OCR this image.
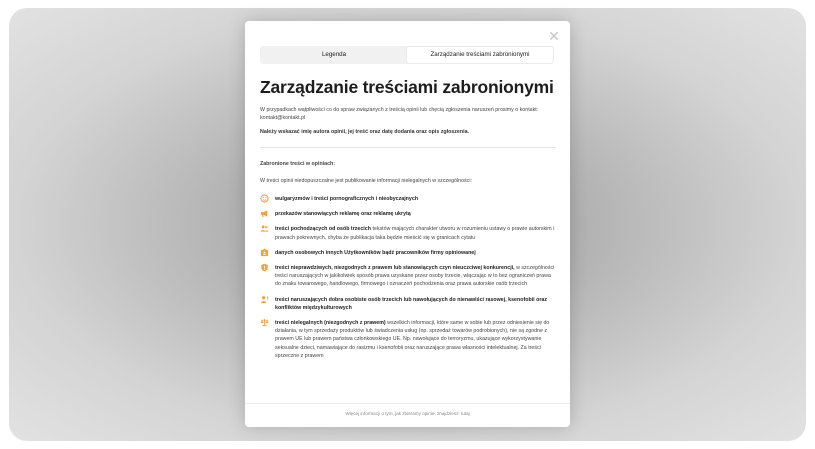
✕
Legenda	Zarządzanie treściami zabronionymi
Zarządzanie treściami zabronionymi

W przypadkach wątpliwości co do spraw związanych z treścią opinii lub chęcią zgłoszenia naruszeń prosimy o kontakt: kontakt@kontakt.pl

Należy wskazać imię autora opinii, jej treść oraz datę dodania oraz opis zgłoszenia.

Zabronione treści w opiniach:

W treści opinii niedopuszczalne jest publikowanie informacji nielegalnych w szczególności:

wulgaryzmów i treści pornograficznych i nieobyczajnych

przekazów stanowiących reklamę oraz reklamę ukrytą

treści pochodzących od osób trzecich tekstów mających charakter utworu w rozumieniu ustawy o prawie autorskim i prawach pokrewnych, chyba że publikacja taka będzie mieścić się w granicach cytatu

danych osobowych innych Użytkowników bądź pracowników firmy opiniowanej

treści nieprawdziwych, niezgodnych z prawem lub stanowiących czyn nieuczciwej konkurencji, w szczególności treści naruszających w jakikolwiek sposób prawa uzyskane przez osoby trzecie, włączając w to bez ograniczeń prawa do znaku towarowego, handlowego, firmowego i oznaczeń pochodzenia oraz prawa autorskie osób trzecich

treści naruszających dobra osobiste osób trzecich lub nawołujących do nienawiści rasowej, ksenofobii oraz konfliktów międzykulturowych

treści nielegalnych (niezgodnych z prawem) wszelkich informacji, które same w sobie lub przez odniesienie się do działania, w tym sprzedaży produktów lub świadczenia usług (np. sprzedaż towarów podrobionych), nie są zgodne z prawem UE lub prawem państwa członkowskiego UE. Np. nawołujące do terroryzmu, ukazujące wykorzystywanie seksualne dzieci, namawiające do rasizmu i ksenofobii oraz naruszające prawa własności intelektualnej. Za treści sprzeczne z prawem

Więcej informacji o tym, jak zbieramy opinie, znajdziesz: tutaj
